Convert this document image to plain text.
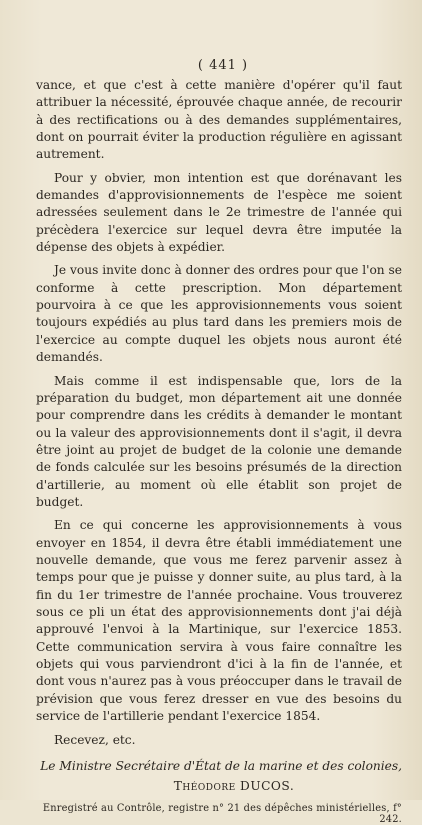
( 441 )

vance, et que c'est à cette manière d'opérer qu'il faut attribuer la nécessité, éprouvée chaque année, de recourir à des rectifications ou à des demandes supplémentaires, dont on pourrait éviter la production régulière en agissant autrement.

Pour y obvier, mon intention est que dorénavant les demandes d'approvisionnements de l'espèce me soient adressées seulement dans le 2e trimestre de l'année qui précèdera l'exercice sur lequel devra être imputée la dépense des objets à expédier.

Je vous invite donc à donner des ordres pour que l'on se conforme à cette prescription. Mon département pourvoira à ce que les approvisionnements vous soient toujours expédiés au plus tard dans les premiers mois de l'exercice au compte duquel les objets nous auront été demandés.

Mais comme il est indispensable que, lors de la préparation du budget, mon département ait une donnée pour comprendre dans les crédits à demander le montant ou la valeur des approvisionnements dont il s'agit, il devra être joint au projet de budget de la colonie une demande de fonds calculée sur les besoins présumés de la direction d'artillerie, au moment où elle établit son projet de budget.

En ce qui concerne les approvisionnements à vous envoyer en 1854, il devra être établi immédiatement une nouvelle demande, que vous me ferez parvenir assez à temps pour que je puisse y donner suite, au plus tard, à la fin du 1er trimestre de l'année prochaine. Vous trouverez sous ce pli un état des approvisionnements dont j'ai déjà approuvé l'envoi à la Martinique, sur l'exercice 1853. Cette communication servira à vous faire connaître les objets qui vous parviendront d'ici à la fin de l'année, et dont vous n'aurez pas à vous préoccuper dans le travail de prévision que vous ferez dresser en vue des besoins du service de l'artillerie pendant l'exercice 1854.

Recevez, etc.

Le Ministre Secrétaire d'État de la marine et des colonies,

Théodore DUCOS.

Enregistré au Contrôle, registre n° 21 des dépêches ministérielles, f° 242.
